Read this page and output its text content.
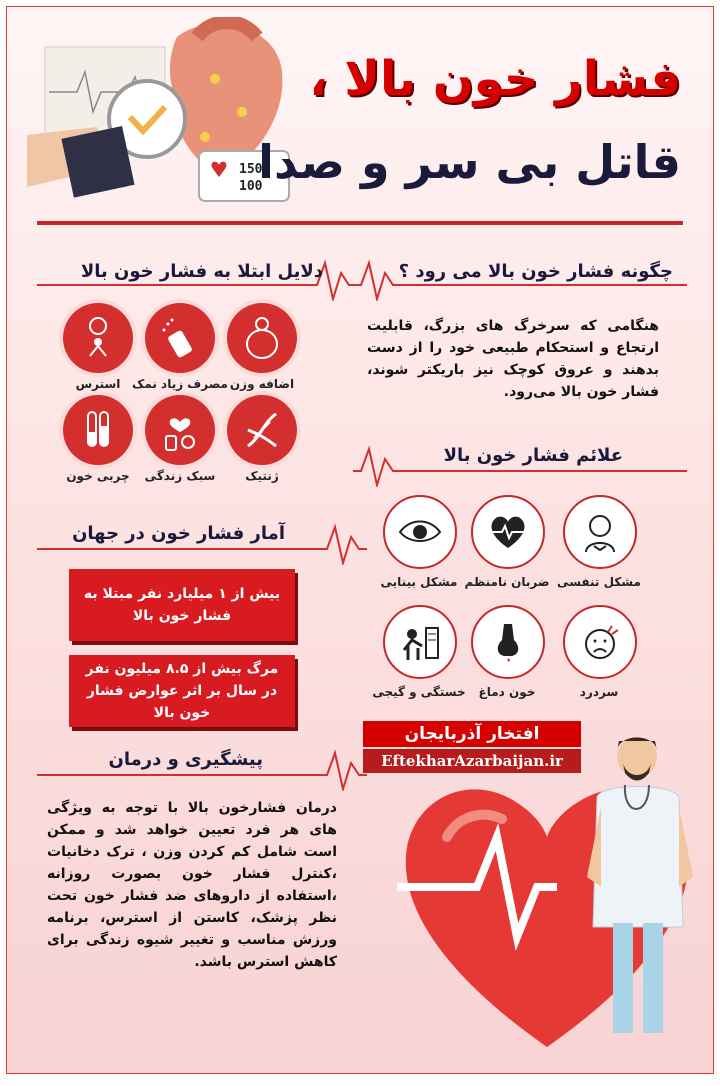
150
100
فشار خون بالا ،
قاتل بی سر و صدا
دلایل ابتلا به فشار خون بالا	چگونه فشار خون بالا می رود ؟
هنگامی که سرخرگ های بزرگ، قابلیت ارتجاع و استحکام طبیعی خود را از دست بدهند و عروق کوچک نیز باریکتر شوند، فشار خون بالا می‌رود.
اضافه وزن
مصرف زیاد نمک
استرس
ژنتیک
سبک زندگی
چربی خون
علائم فشار خون بالا
مشکل تنفسی
ضربان نامنظم
مشکل بینایی
سردرد
خون دماغ
خستگی و گیجی
آمار فشار خون در جهان
بیش از ۱ میلیارد نفر مبتلا به فشار خون بالا
مرگ بیش از ۸.۵ میلیون نفر در سال بر اثر عوارض فشار خون بالا
پیشگیری و درمان
درمان فشارخون بالا با توجه به ویژگی های هر فرد تعیین خواهد شد و ممکن است شامل کم کردن وزن ، ترک دخانیات ،کنترل فشار خون بصورت روزانه ،استفاده از داروهای ضد فشار خون تحت نظر پزشک، کاستن از استرس، برنامه ورزش مناسب و تغییر شیوه زندگی برای کاهش استرس باشد.
افتخار آذربایجان
EftekharAzarbaijan.ir
